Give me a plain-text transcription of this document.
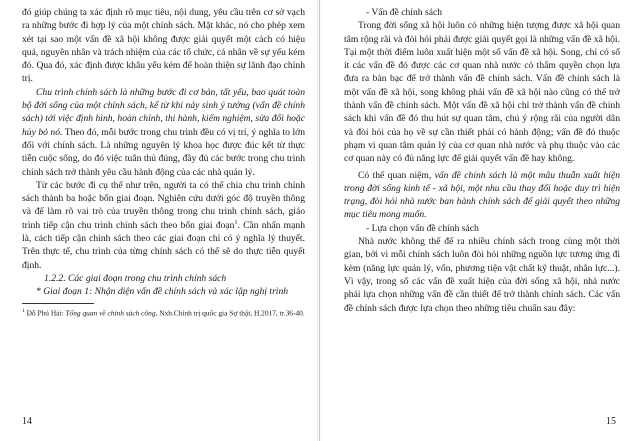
đó giúp chúng ta xác định rõ mục tiêu, nội dung, yêu cầu trên cơ sở vạch ra những bước đi hợp lý của một chính sách. Mặt khác, nó cho phép xem xét tại sao một vấn đề xã hội không được giải quyết một cách có hiệu quả, nguyên nhân và trách nhiệm của các tổ chức, cá nhân về sự yếu kém đó. Qua đó, xác định được khâu yếu kém để hoàn thiện sự lãnh đạo chính trị.

Chu trình chính sách là những bước đi cơ bản, tất yếu, bao quát toàn bộ đời sống của một chính sách, kể từ khi nảy sinh ý tưởng (vấn đề chính sách) tới việc định hình, hoàn chỉnh, thi hành, kiểm nghiệm, sửa đổi hoặc hủy bỏ nó. Theo đó, mỗi bước trong chu trình đều có vị trí, ý nghĩa to lớn đối với chính sách. Là những nguyên lý khoa học được đúc kết từ thực tiễn cuộc sống, do đó việc tuân thủ đúng, đầy đủ các bước trong chu trình chính sách trở thành yêu cầu hành động của các nhà quản lý.

Từ các bước đi cụ thể như trên, người ta có thể chia chu trình chính sách thành ba hoặc bốn giai đoạn. Nghiên cứu dưới góc độ truyền thông và để làm rõ vai trò của truyền thông trong chu trình chính sách, giáo trình tiếp cận chu trình chính sách theo bốn giai đoạn$^1$. Cần nhấn mạnh là, cách tiếp cận chính sách theo các giai đoạn chỉ có ý nghĩa lý thuyết. Trên thực tế, chu trình của từng chính sách có thể sẽ do thực tiễn quyết định.

1.2.2. Các giai đoạn trong chu trình chính sách

* Giai đoạn 1: Nhận diện vấn đề chính sách và xác lập nghị trình

$^1$ Đỗ Phú Hải: Tổng quan về chính sách công, Nxb.Chính trị quốc gia Sự thật, H.2017, tr.36-40.

14

- Vấn đề chính sách

Trong đời sống xã hội luôn có những hiện tượng được xã hội quan tâm rộng rãi và đòi hỏi phải được giải quyết gọi là những vấn đề xã hội. Tại một thời điểm luôn xuất hiện một số vấn đề xã hội. Song, chỉ có số ít các vấn đề đó được các cơ quan nhà nước có thẩm quyền chọn lựa đưa ra bàn bạc để trở thành vấn đề chính sách. Vấn đề chính sách là một vấn đề xã hội, song không phải vấn đề xã hội nào cũng có thể trở thành vấn đề chính sách. Một vấn đề xã hội chỉ trở thành vấn đề chính sách khi vấn đề đó thu hút sự quan tâm, chú ý rộng rãi của người dân và đòi hỏi của họ về sự cần thiết phải có hành động; vấn đề đó thuộc phạm vi quan tâm quản lý của cơ quan nhà nước và phụ thuộc vào các cơ quan này có đủ năng lực để giải quyết vấn đề hay không.

Có thể quan niệm, vấn đề chính sách là một mâu thuẫn xuất hiện trong đời sống kinh tế - xã hội, một nhu cầu thay đổi hoặc duy trì hiện trạng, đòi hỏi nhà nước ban hành chính sách để giải quyết theo những mục tiêu mong muốn.

- Lựa chọn vấn đề chính sách

Nhà nước không thể để ra nhiều chính sách trong cùng một thời gian, bởi vì mỗi chính sách luôn đòi hỏi những nguồn lực tương ứng đi kèm (năng lực quản lý, vốn, phương tiện vật chất kỹ thuật, nhân lực...). Vì vậy, trong số các vấn đề xuất hiện của đời sống xã hội, nhà nước phải lựa chọn những vấn đề cần thiết để trở thành chính sách. Các vấn đề chính sách được lựa chọn theo những tiêu chuẩn sau đây:

15
